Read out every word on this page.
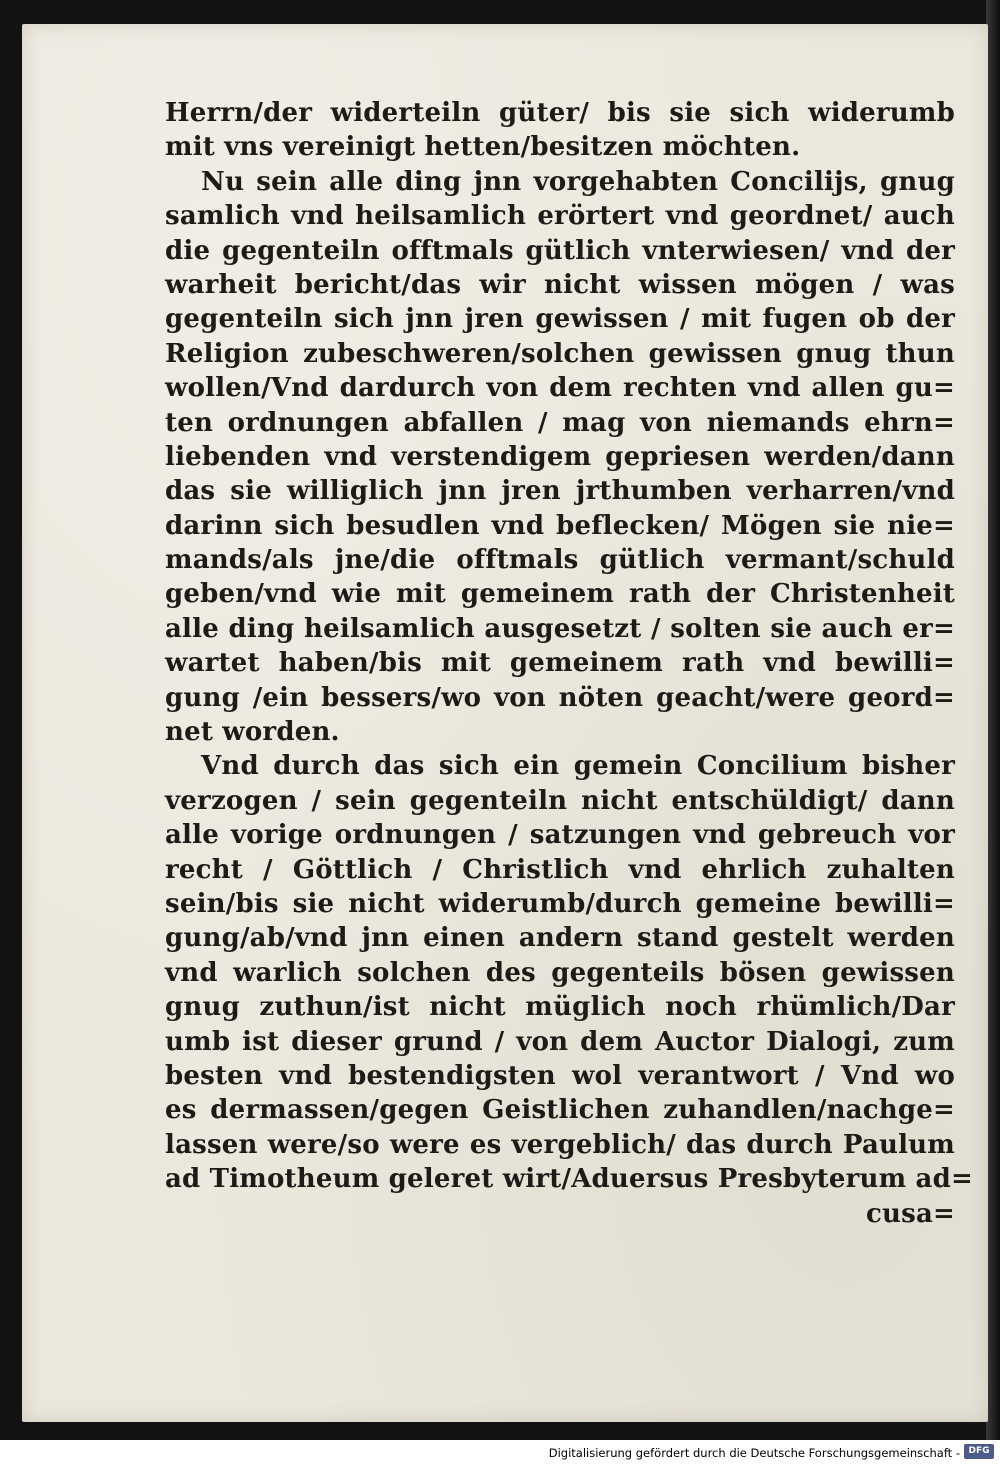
Herrn/der widerteiln güter/ bis sie sich widerumb
mit vns vereinigt hetten/besitzen möchten.
Nu sein alle ding jnn vorgehabten Concilijs, gnug
samlich vnd heilsamlich erörtert vnd geordnet/ auch
die gegenteiln offtmals gütlich vnterwiesen/ vnd der
warheit bericht/das wir nicht wissen mögen / was
gegenteiln sich jnn jren gewissen / mit fugen ob der
Religion zubeschweren/solchen gewissen gnug thun
wollen/Vnd dardurch von dem rechten vnd allen gu=
ten ordnungen abfallen / mag von niemands ehrn=
liebenden vnd verstendigem gepriesen werden/dann
das sie williglich jnn jren jrthumben verharren/vnd
darinn sich besudlen vnd beflecken/ Mögen sie nie=
mands/als jne/die offtmals gütlich vermant/schuld
geben/vnd wie mit gemeinem rath der Christenheit
alle ding heilsamlich ausgesetzt / solten sie auch er=
wartet haben/bis mit gemeinem rath vnd bewilli=
gung /ein bessers/wo von nöten geacht/were geord=
net worden.
Vnd durch das sich ein gemein Concilium bisher
verzogen / sein gegenteiln nicht entschüldigt/ dann
alle vorige ordnungen / satzungen vnd gebreuch vor
recht / Göttlich / Christlich vnd ehrlich zuhalten
sein/bis sie nicht widerumb/durch gemeine bewilli=
gung/ab/vnd jnn einen andern stand gestelt werden
vnd warlich solchen des gegenteils bösen gewissen
gnug zuthun/ist nicht müglich noch rhümlich/Dar
umb ist dieser grund / von dem Auctor Dialogi, zum
besten vnd bestendigsten wol verantwort / Vnd wo
es dermassen/gegen Geistlichen zuhandlen/nachge=
lassen were/so were es vergeblich/ das durch Paulum
ad Timotheum geleret wirt/Aduersus Presbyterum ad=
cusa=
Digitalisierung gefördert durch die Deutsche Forschungsgemeinschaft - DFG
